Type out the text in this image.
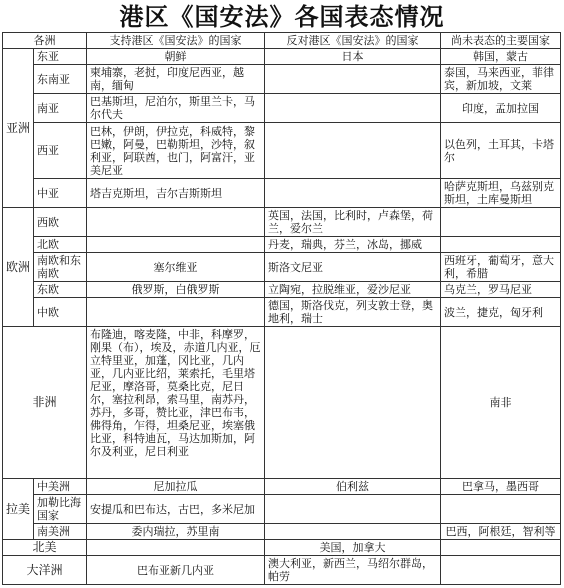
港区《国安法》各国表态情况
各洲		支持港区《国安法》的国家	反对港区《国安法》的国家	尚未表态的主要国家
亚洲	东亚	朝鲜	日本	韩国，蒙古
	东南亚	柬埔寨，老挝，印度尼西亚，越南，缅甸		泰国，马来西亚，菲律宾，新加坡，文莱
	南亚	巴基斯坦，尼泊尔，斯里兰卡，马尔代夫		印度，孟加拉国
	西亚	巴林，伊朗，伊拉克，科威特，黎巴嫩，阿曼，巴勒斯坦，沙特，叙利亚，阿联酋，也门，阿富汗，亚美尼亚		以色列，土耳其，卡塔尔
	中亚	塔吉克斯坦，吉尔吉斯斯坦		哈萨克斯坦，乌兹别克斯坦，土库曼斯坦
欧洲	西欧		英国，法国，比利时，卢森堡，荷兰，爱尔兰	
	北欧		丹麦，瑞典，芬兰，冰岛，挪威	
	南欧和东南欧	塞尔维亚	斯洛文尼亚	西班牙，葡萄牙，意大利，希腊
	东欧	俄罗斯，白俄罗斯	立陶宛，拉脱维亚，爱沙尼亚	乌克兰，罗马尼亚
	中欧		德国，斯洛伐克，列支敦士登，奥地利，瑞士	波兰，捷克，匈牙利
非洲		布隆迪，喀麦隆，中非，科摩罗，刚果（布），埃及，赤道几内亚，厄立特里亚，加蓬，冈比亚，几内亚，几内亚比绍，莱索托，毛里塔尼亚，摩洛哥，莫桑比克，尼日尔，塞拉利昂，索马里，南苏丹，苏丹，多哥，赞比亚，津巴布韦，佛得角，乍得，坦桑尼亚，埃塞俄比亚，科特迪瓦，马达加斯加，阿尔及利亚，尼日利亚		南非
拉美	中美洲	尼加拉瓜	伯利兹	巴拿马，墨西哥
	加勒比海国家	安提瓜和巴布达，古巴，多米尼加		
	南美洲	委内瑞拉，苏里南		巴西，阿根廷，智利等
北美			美国，加拿大	
大洋洲		巴布亚新几内亚	澳大利亚，新西兰，马绍尔群岛，帕劳	
